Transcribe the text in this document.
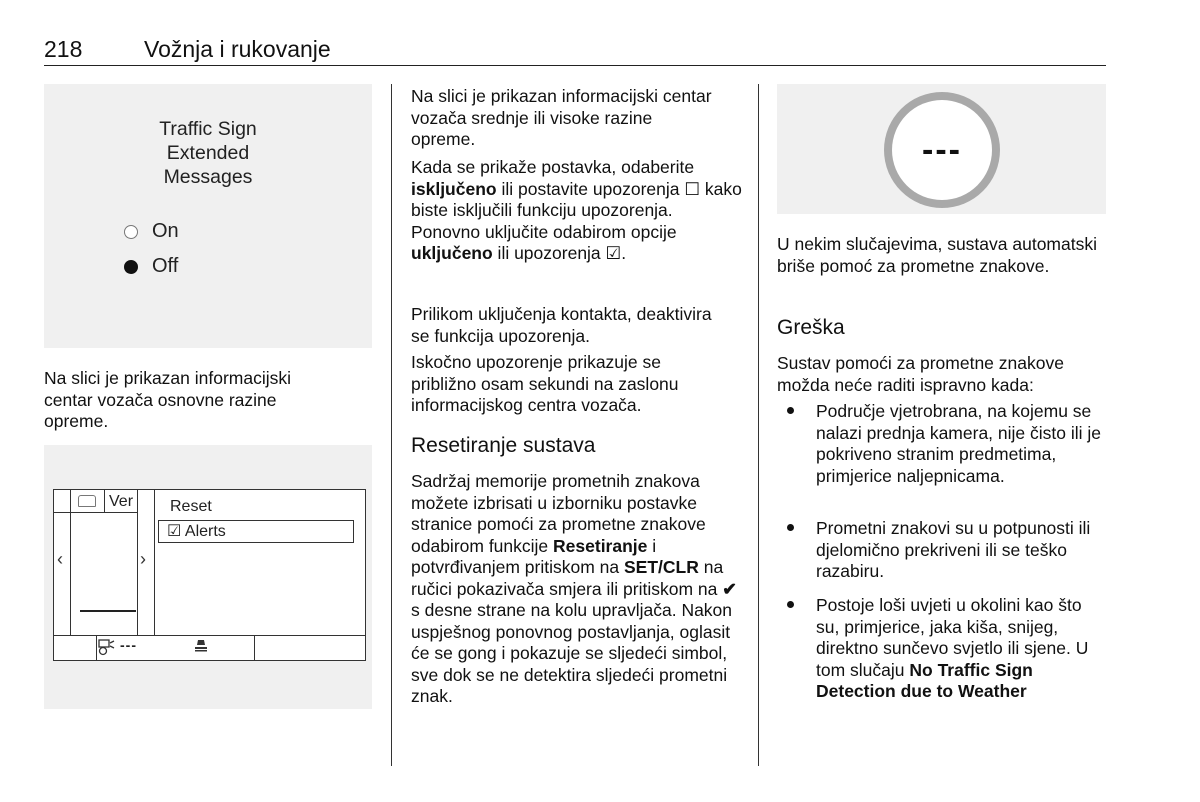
218	Vožnja i rukovanje
Traffic Sign
Extended
Messages
On
Off

Na slici je prikazan informacijski centar vozača osnovne razine opreme.

Ver
‹	›
Reset
☑ Alerts
---

Na slici je prikazan informacijski centar vozača srednje ili visoke razine opreme.

Kada se prikaže postavka, odaberite isključeno ili postavite upozorenja ☐ kako biste isključili funkciju upozorenja. Ponovno uključite odabirom opcije uključeno ili upozorenja ☑.

Prilikom uključenja kontakta, deaktivira se funkcija upozorenja.

Iskočno upozorenje prikazuje se približno osam sekundi na zaslonu informacijskog centra vozača.

Resetiranje sustava

Sadržaj memorije prometnih znakova možete izbrisati u izborniku postavke stranice pomoći za prometne znakove odabirom funkcije Resetiranje i potvrđivanjem pritiskom na SET/CLR na ručici pokazivača smjera ili pritiskom na ✔ s desne strane na kolu upravljača. Nakon uspješnog ponovnog postavljanja, oglasit će se gong i pokazuje se sljedeći simbol, sve dok se ne detektira sljedeći prometni znak.

---

U nekim slučajevima, sustava automatski briše pomoć za prometne znakove.

Greška

Sustav pomoći za prometne znakove možda neće raditi ispravno kada:

Područje vjetrobrana, na kojemu se nalazi prednja kamera, nije čisto ili je pokriveno stranim predmetima, primjerice naljepnicama.

Prometni znakovi su u potpunosti ili djelomično prekriveni ili se teško razabiru.

Postoje loši uvjeti u okolini kao što su, primjerice, jaka kiša, snijeg, direktno sunčevo svjetlo ili sjene. U tom slučaju No Traffic Sign Detection due to Weather
